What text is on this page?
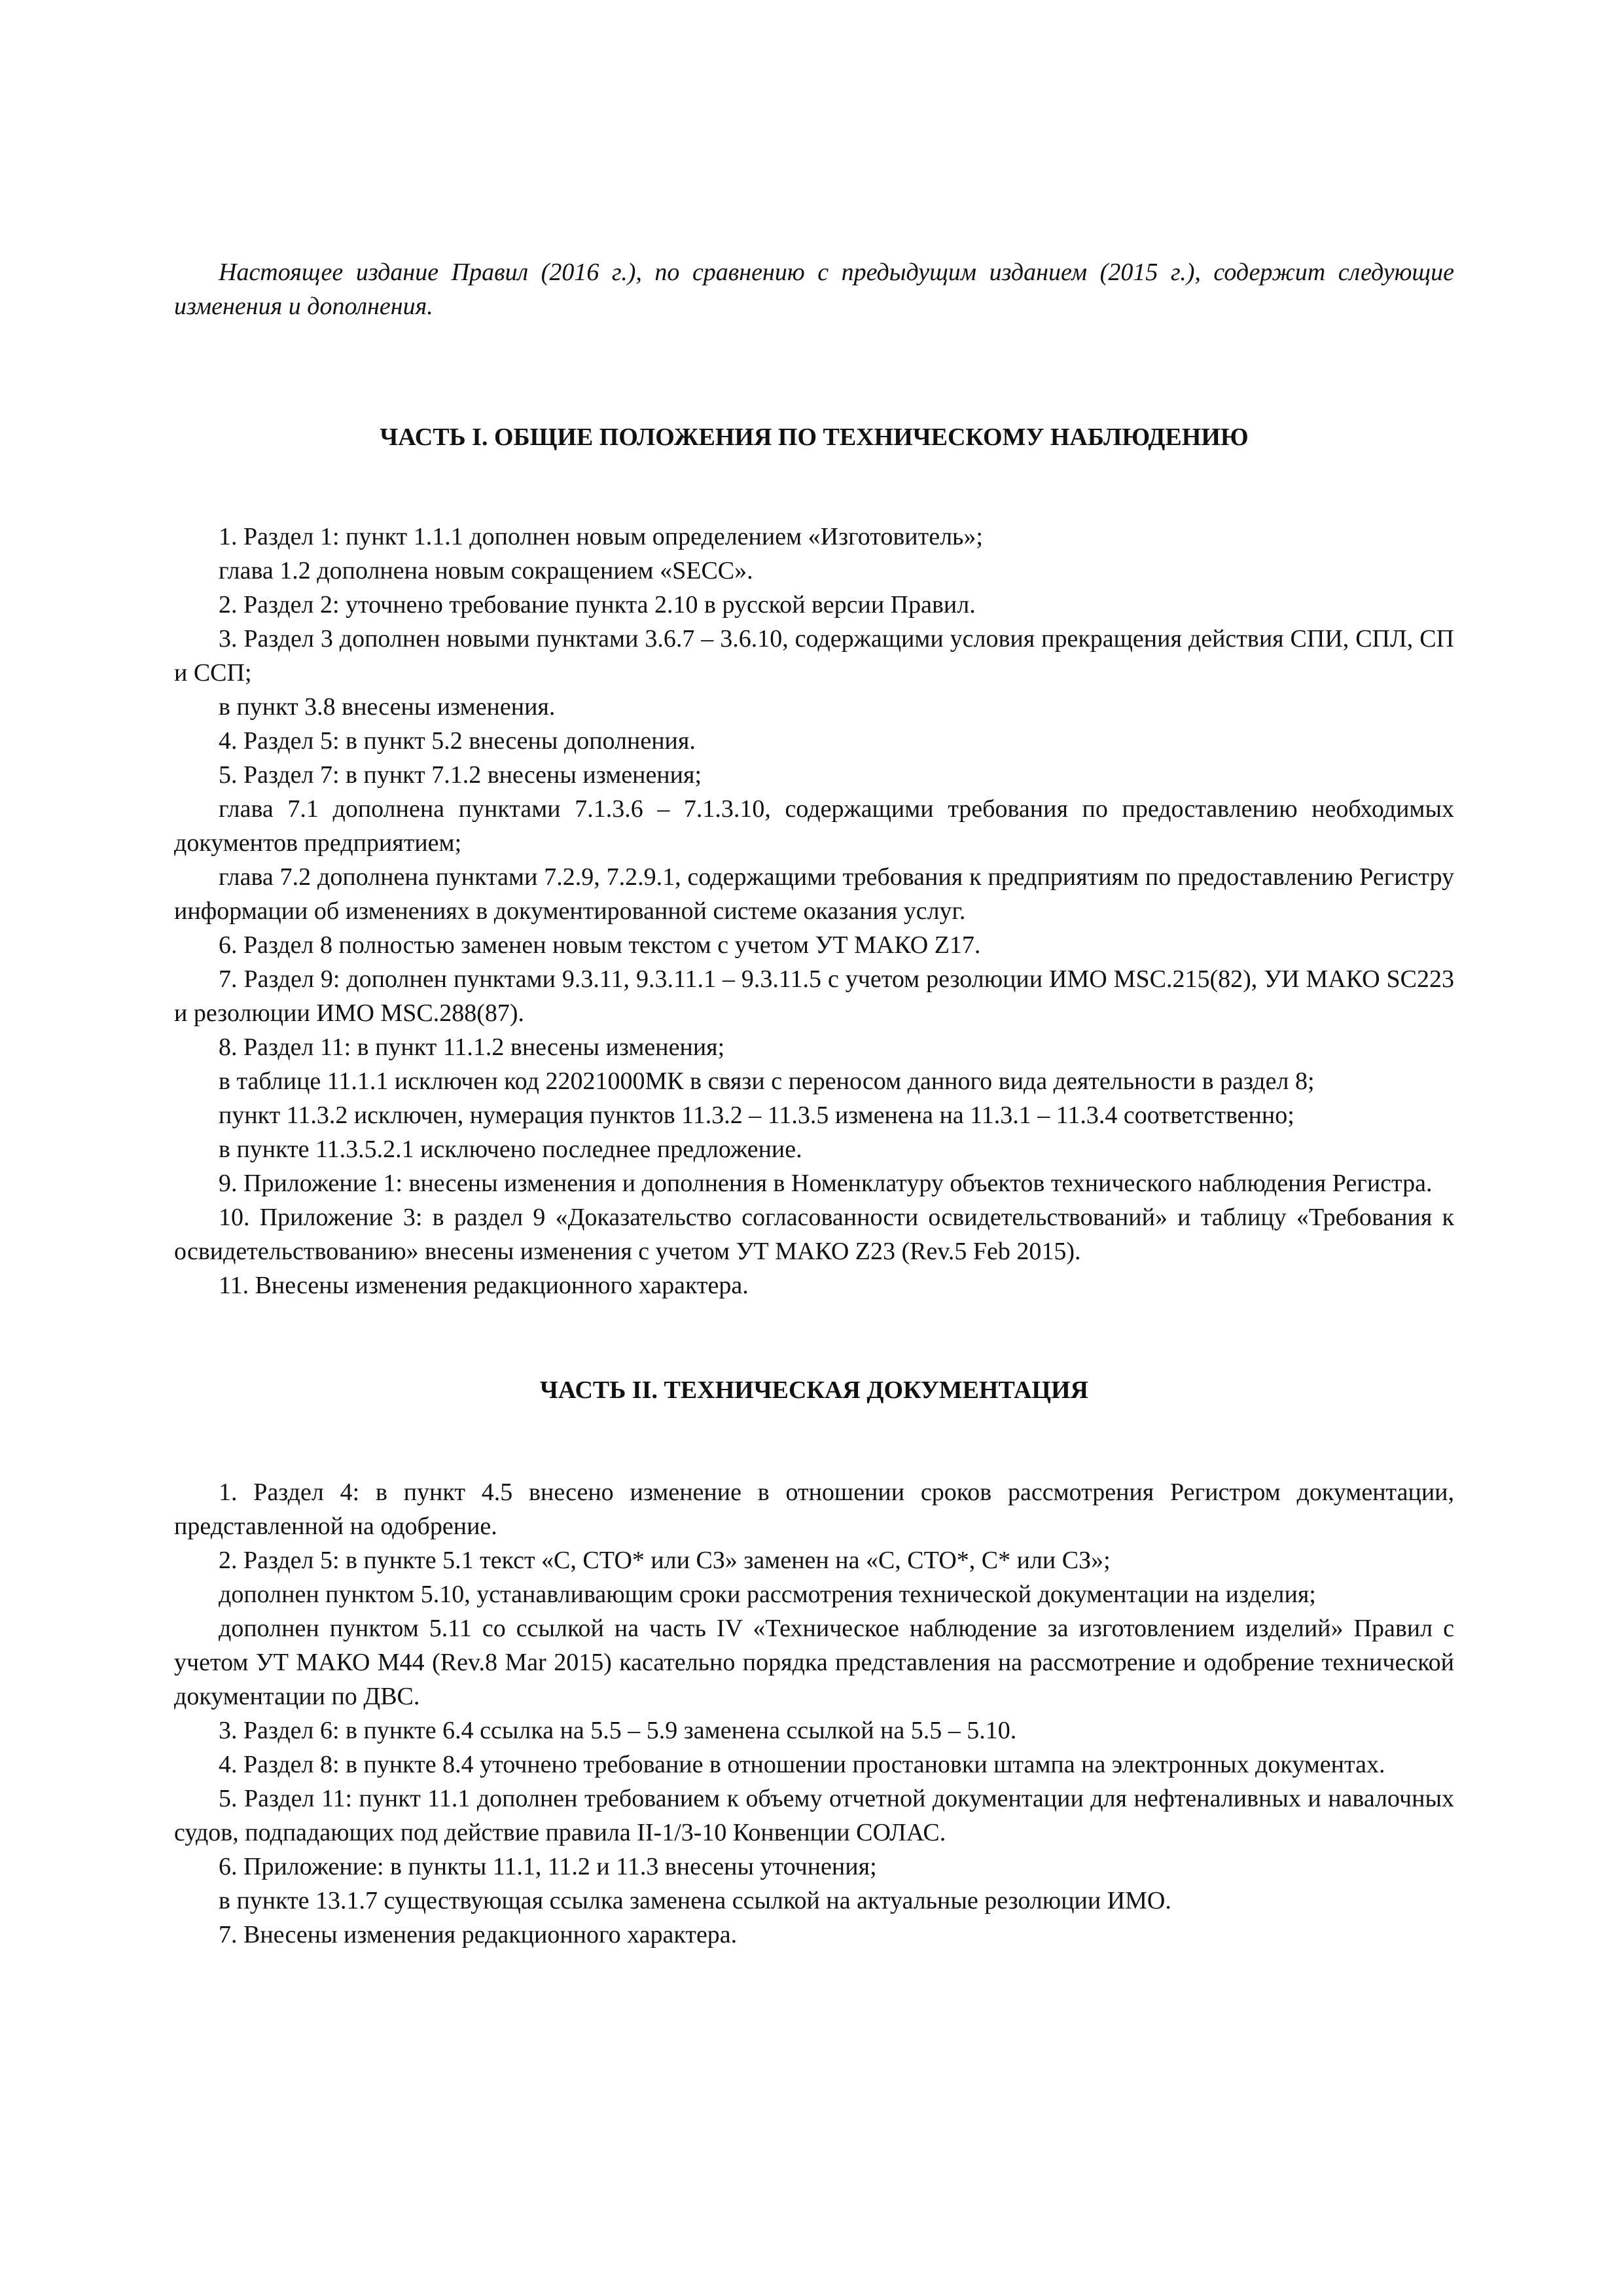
Настоящее издание Правил (2016 г.), по сравнению с предыдущим изданием (2015 г.), содержит следующие изменения и дополнения.

ЧАСТЬ I. ОБЩИЕ ПОЛОЖЕНИЯ ПО ТЕХНИЧЕСКОМУ НАБЛЮДЕНИЮ

1. Раздел 1: пункт 1.1.1 дополнен новым определением «Изготовитель»;

глава 1.2 дополнена новым сокращением «SECC».

2. Раздел 2: уточнено требование пункта 2.10 в русской версии Правил.

3. Раздел 3 дополнен новыми пунктами 3.6.7 – 3.6.10, содержащими условия прекращения действия СПИ, СПЛ, СП и ССП;

в пункт 3.8 внесены изменения.

4. Раздел 5: в пункт 5.2 внесены дополнения.

5. Раздел 7: в пункт 7.1.2 внесены изменения;

глава 7.1 дополнена пунктами 7.1.3.6 – 7.1.3.10, содержащими требования по предоставлению необходимых документов предприятием;

глава 7.2 дополнена пунктами 7.2.9, 7.2.9.1, содержащими требования к предприятиям по предоставлению Регистру информации об изменениях в документированной системе оказания услуг.

6. Раздел 8 полностью заменен новым текстом с учетом УТ МАКО Z17.

7. Раздел 9: дополнен пунктами 9.3.11, 9.3.11.1 – 9.3.11.5 с учетом резолюции ИМО MSC.215(82), УИ МАКО SC223 и резолюции ИМО MSC.288(87).

8. Раздел 11: в пункт 11.1.2 внесены изменения;

в таблице 11.1.1 исключен код 22021000МК в связи с переносом данного вида деятельности в раздел 8;

пункт 11.3.2 исключен, нумерация пунктов 11.3.2 – 11.3.5 изменена на 11.3.1 – 11.3.4 соответственно;

в пункте 11.3.5.2.1 исключено последнее предложение.

9. Приложение 1: внесены изменения и дополнения в Номенклатуру объектов технического наблюдения Регистра.

10. Приложение 3: в раздел 9 «Доказательство согласованности освидетельствований» и таблицу «Требования к освидетельствованию» внесены изменения с учетом УТ МАКО Z23 (Rev.5 Feb 2015).

11. Внесены изменения редакционного характера.

ЧАСТЬ II. ТЕХНИЧЕСКАЯ ДОКУМЕНТАЦИЯ

1. Раздел 4: в пункт 4.5 внесено изменение в отношении сроков рассмотрения Регистром документации, представленной на одобрение.

2. Раздел 5: в пункте 5.1 текст «С, СТО* или СЗ» заменен на «С, СТО*, С* или СЗ»;

дополнен пунктом 5.10, устанавливающим сроки рассмотрения технической документации на изделия;

дополнен пунктом 5.11 со ссылкой на часть IV «Техническое наблюдение за изготовлением изделий» Правил с учетом УТ МАКО М44 (Rev.8 Mar 2015) касательно порядка представления на рассмотрение и одобрение технической документации по ДВС.

3. Раздел 6: в пункте 6.4 ссылка на 5.5 – 5.9 заменена ссылкой на 5.5 – 5.10.

4. Раздел 8: в пункте 8.4 уточнено требование в отношении простановки штампа на электронных документах.

5. Раздел 11: пункт 11.1 дополнен требованием к объему отчетной документации для нефтеналивных и навалочных судов, подпадающих под действие правила II-1/3-10 Конвенции СОЛАС.

6. Приложение: в пункты 11.1, 11.2 и 11.3 внесены уточнения;

в пункте 13.1.7 существующая ссылка заменена ссылкой на актуальные резолюции ИМО.

7. Внесены изменения редакционного характера.
